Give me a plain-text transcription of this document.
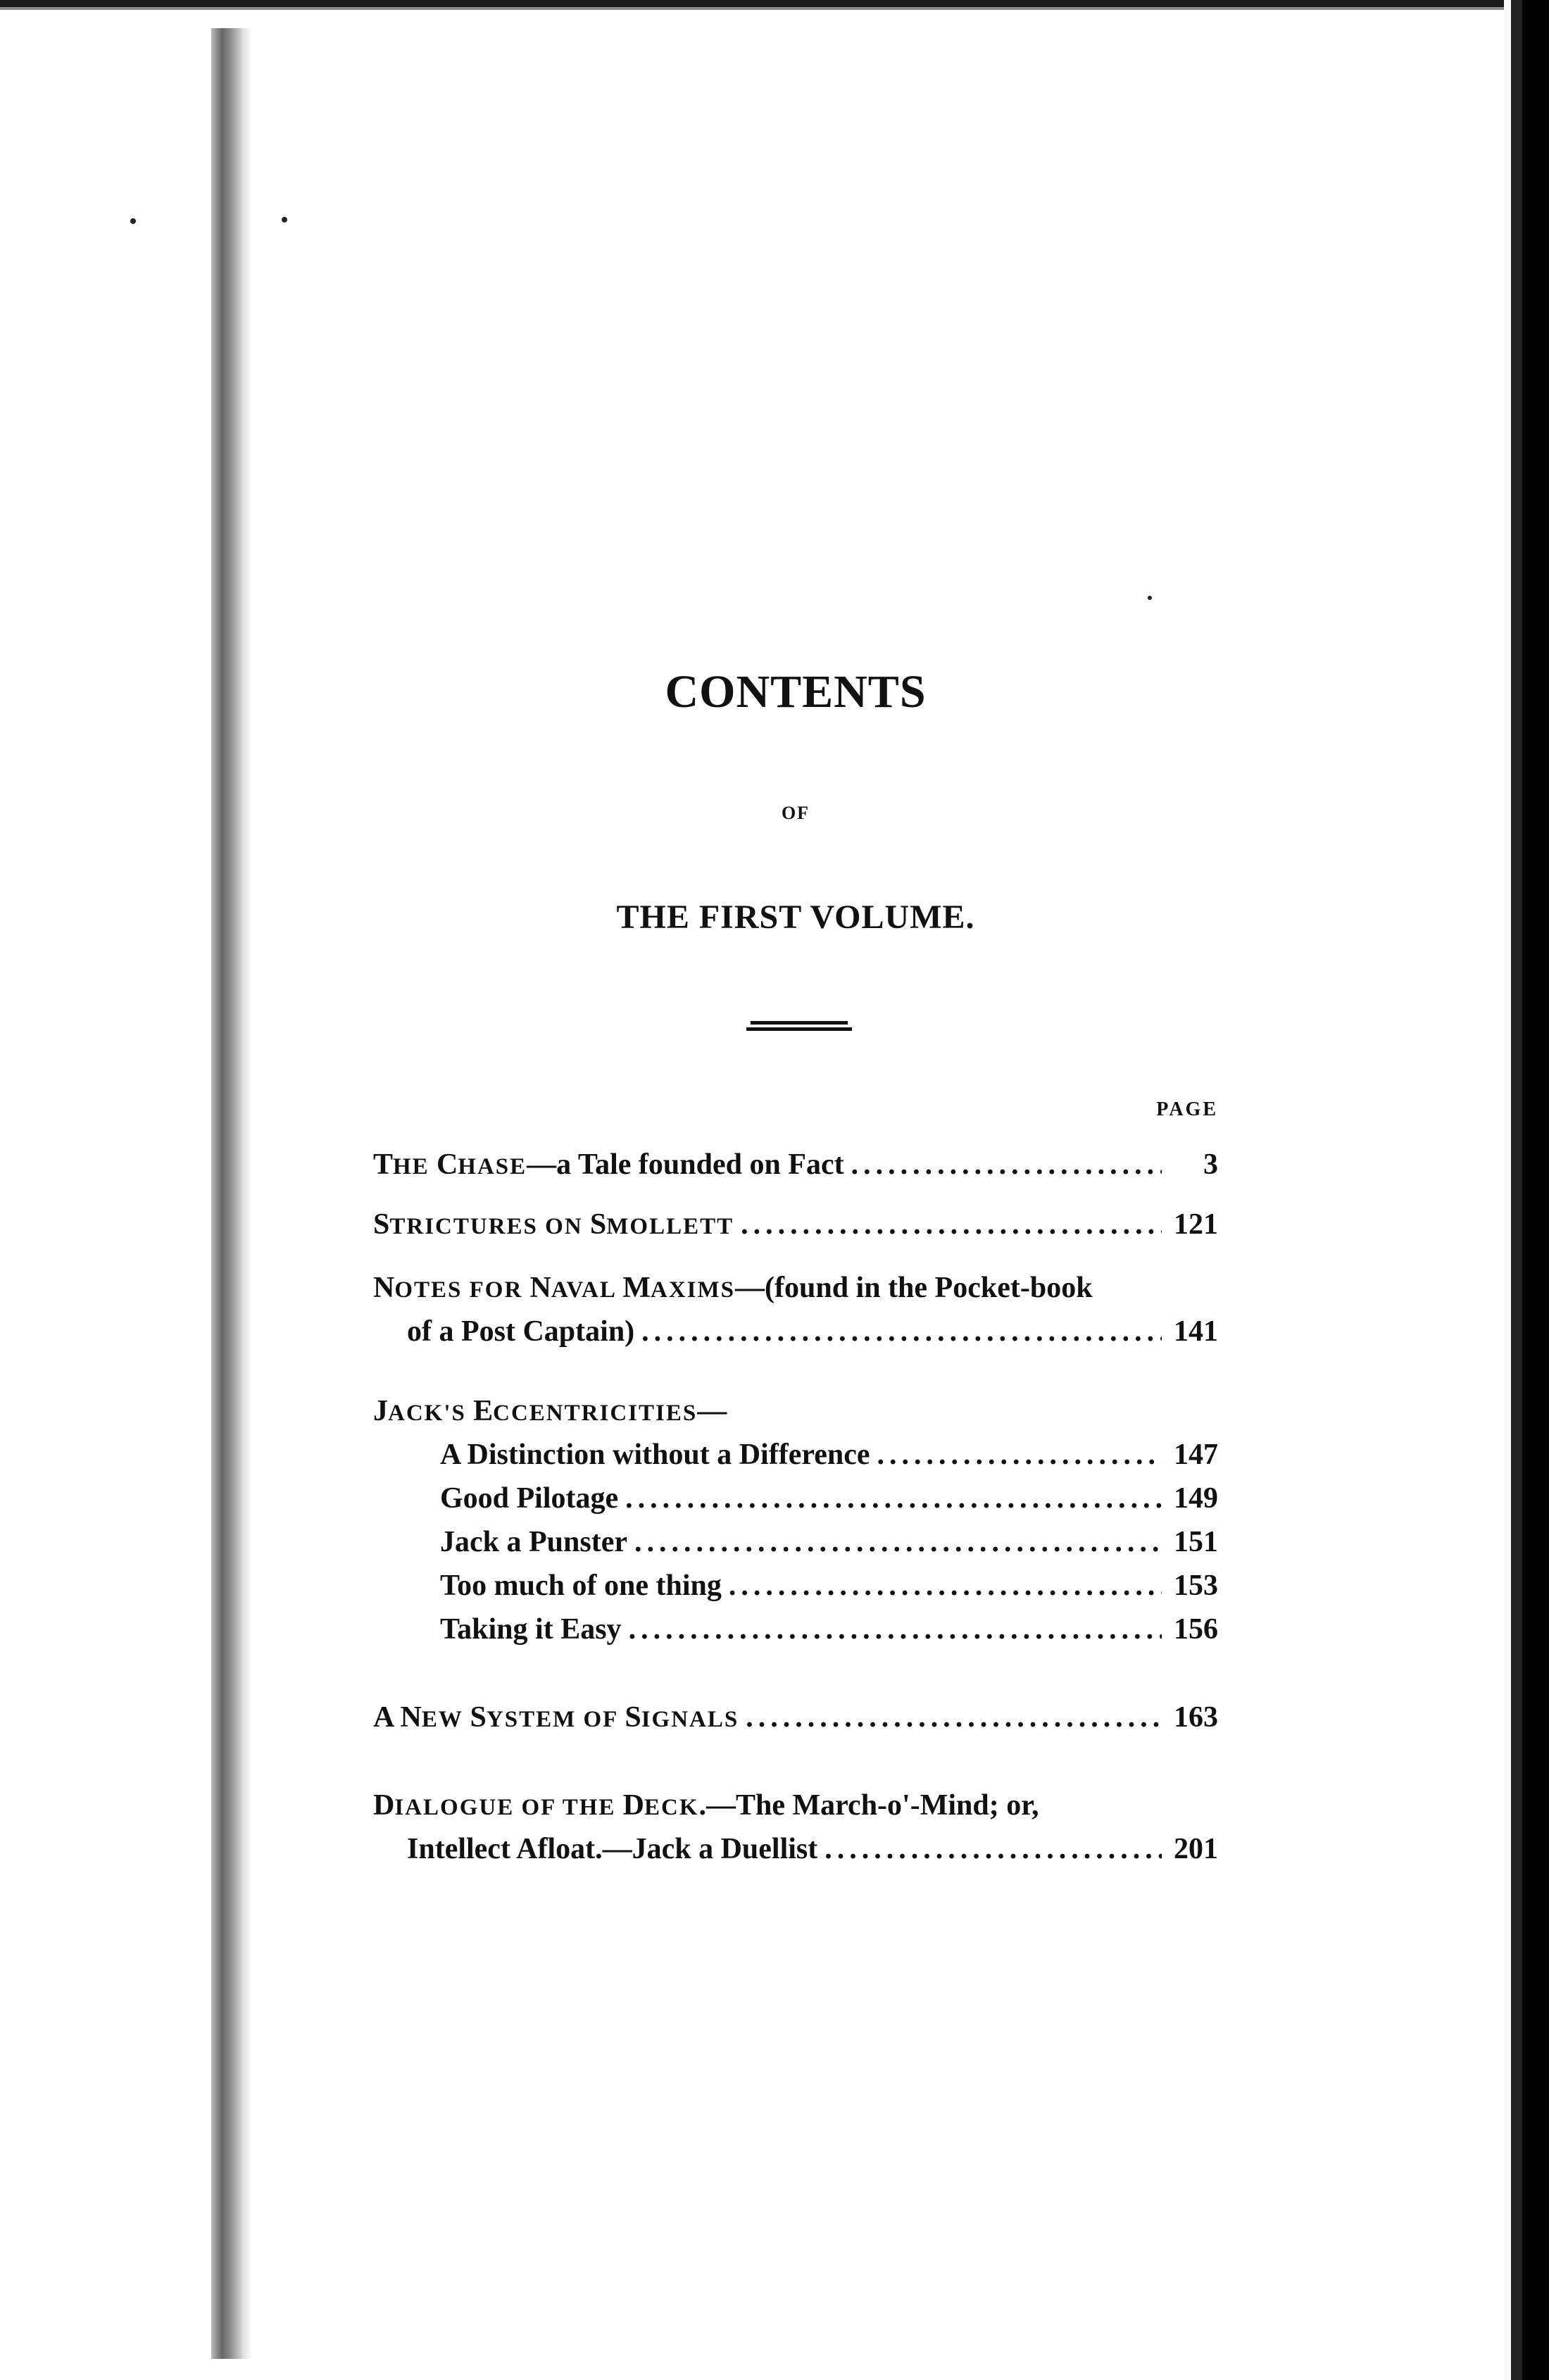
CONTENTS
OF
THE FIRST VOLUME.
PAGE
THE CHASE—a Tale founded on Fact .....	3
STRICTURES ON SMOLLETT .....	121
NOTES FOR NAVAL MAXIMS—(found in the Pocket-book
of a Post Captain) .....	141
JACK'S ECCENTRICITIES—
A Distinction without a Difference .....	147
Good Pilotage .....	149
Jack a Punster .....	151
Too much of one thing .....	153
Taking it Easy .....	156
A NEW SYSTEM OF SIGNALS .....	163
DIALOGUE OF THE DECK.—The March-o'-Mind; or,
Intellect Afloat.—Jack a Duellist .....	201
